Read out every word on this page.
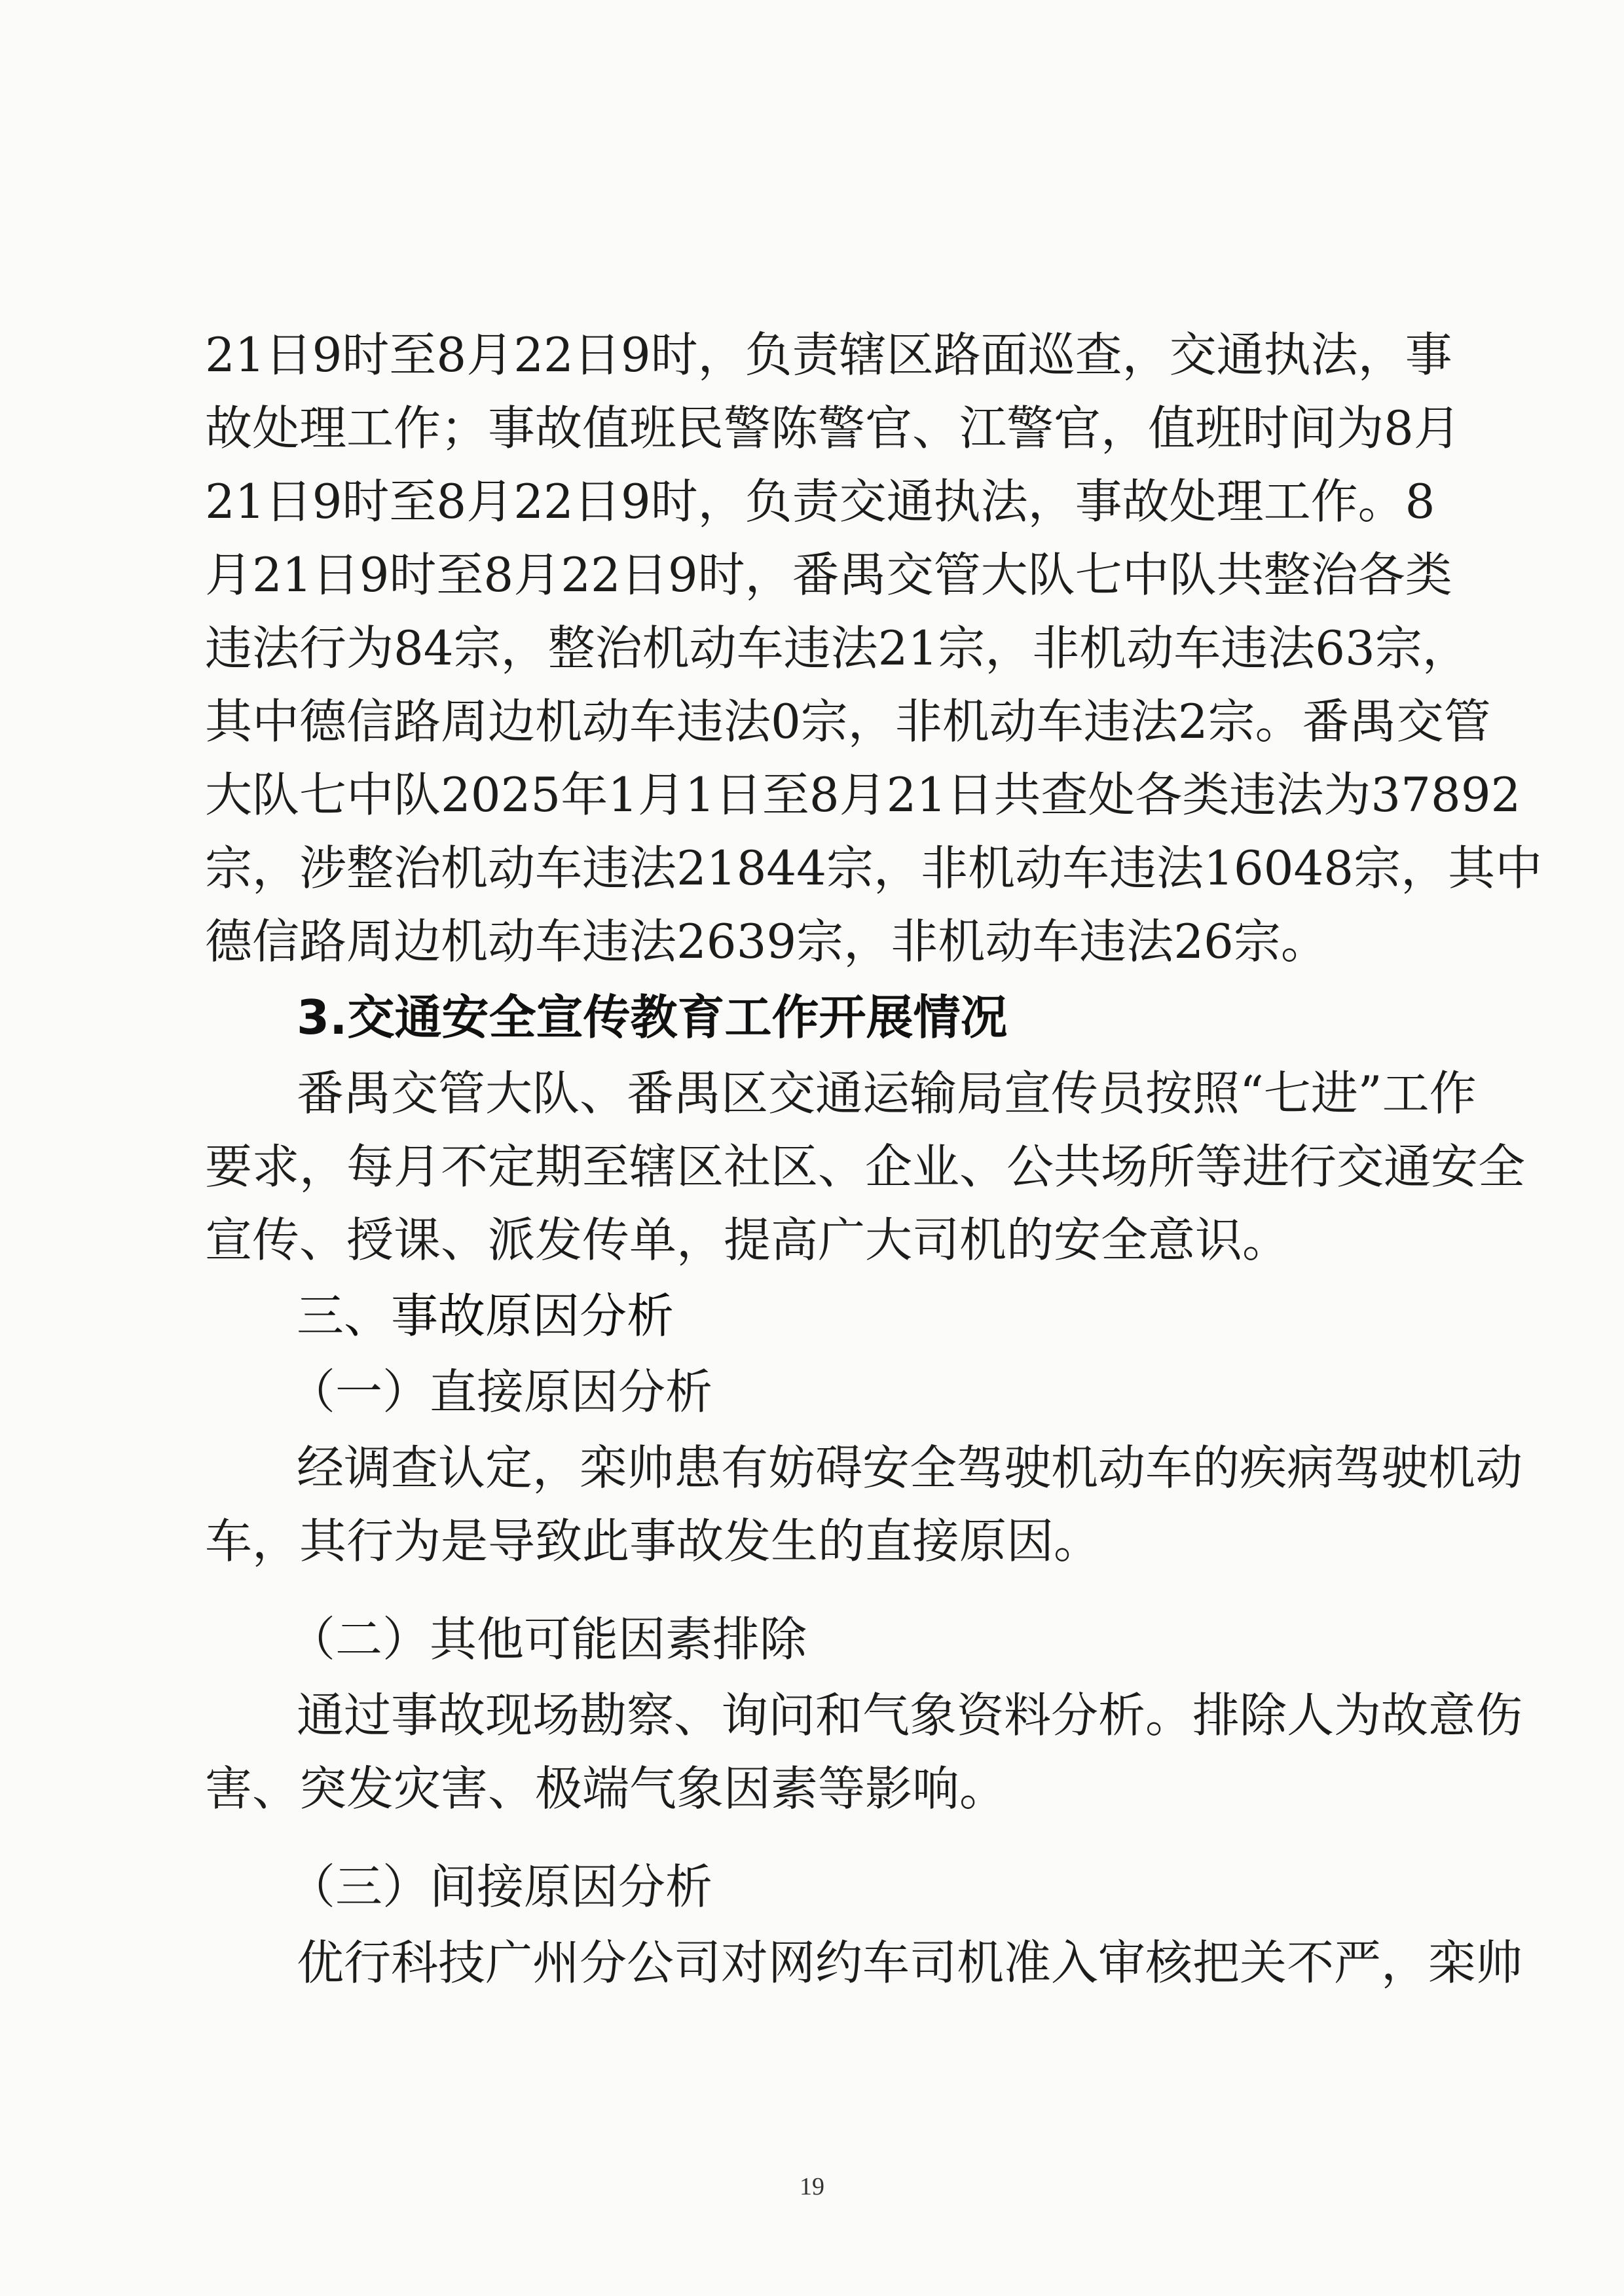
21日9时至8月22日9时，负责辖区路面巡查，交通执法，事
故处理工作；事故值班民警陈警官、江警官，值班时间为8月
21日9时至8月22日9时，负责交通执法，事故处理工作。8
月21日9时至8月22日9时，番禺交管大队七中队共整治各类
违法行为84宗，整治机动车违法21宗，非机动车违法63宗，
其中德信路周边机动车违法0宗，非机动车违法2宗。番禺交管
大队七中队2025年1月1日至8月21日共查处各类违法为37892
宗，涉整治机动车违法21844宗，非机动车违法16048宗，其中
德信路周边机动车违法2639宗，非机动车违法26宗。
3.交通安全宣传教育工作开展情况
番禺交管大队、番禺区交通运输局宣传员按照“七进”工作
要求，每月不定期至辖区社区、企业、公共场所等进行交通安全
宣传、授课、派发传单，提高广大司机的安全意识。
三、事故原因分析
（一）直接原因分析
经调查认定，栾帅患有妨碍安全驾驶机动车的疾病驾驶机动
车，其行为是导致此事故发生的直接原因。
（二）其他可能因素排除
通过事故现场勘察、询问和气象资料分析。排除人为故意伤
害、突发灾害、极端气象因素等影响。
（三）间接原因分析
优行科技广州分公司对网约车司机准入审核把关不严，栾帅
19
